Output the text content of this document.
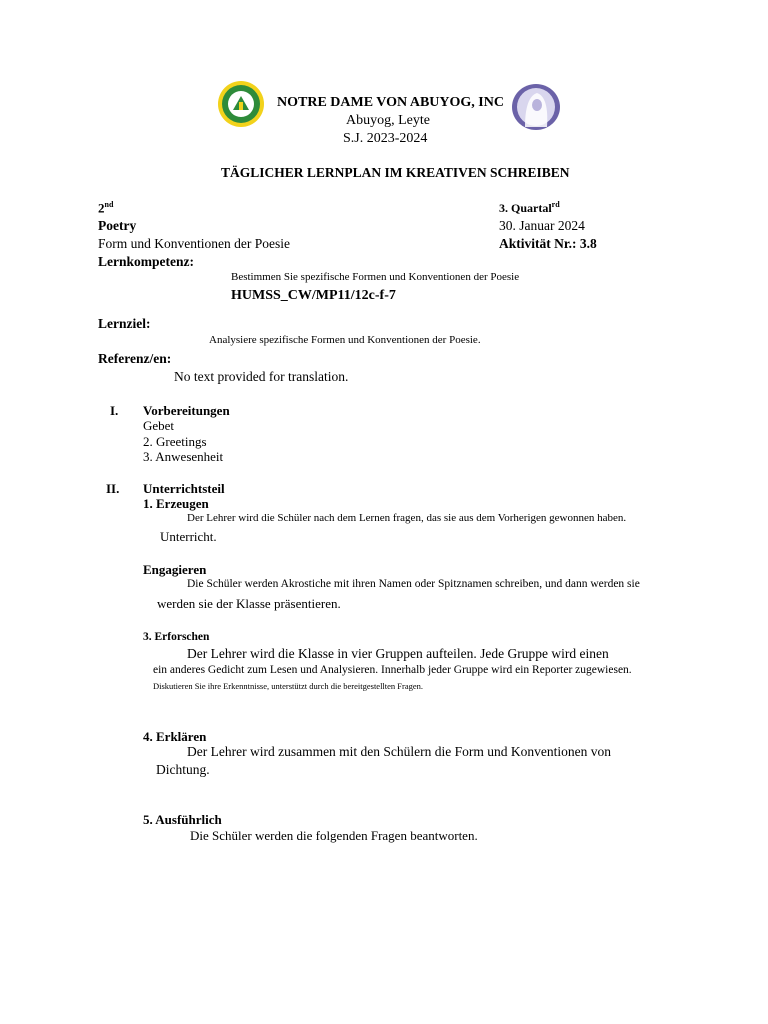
NOTRE DAME VON ABUYOG, INC
Abuyog, Leyte
S.J. 2023-2024
TÄGLICHER LERNPLAN IM KREATIVEN SCHREIBEN
2nd	3. Quartal$^{rd}$
Poetry	30. Januar 2024
Form und Konventionen der Poesie	Aktivität Nr.: 3.8
Lernkompetenz:
Bestimmen Sie spezifische Formen und Konventionen der Poesie
HUMSS_CW/MP11/12c-f-7
Lernziel:
Analysiere spezifische Formen und Konventionen der Poesie.
Referenz/en:
No text provided for translation.
I. Vorbereitungen
Gebet
2. Greetings
3. Anwesenheit
II. Unterrichtsteil
1. Erzeugen
Der Lehrer wird die Schüler nach dem Lernen fragen, das sie aus dem Vorherigen gewonnen haben.
Unterricht.
Engagieren
Die Schüler werden Akrostiche mit ihren Namen oder Spitznamen schreiben, und dann werden sie
werden sie der Klasse präsentieren.
3. Erforschen
Der Lehrer wird die Klasse in vier Gruppen aufteilen. Jede Gruppe wird einen
ein anderes Gedicht zum Lesen und Analysieren. Innerhalb jeder Gruppe wird ein Reporter zugewiesen.
Diskutieren Sie ihre Erkenntnisse, unterstützt durch die bereitgestellten Fragen.
4. Erklären
Der Lehrer wird zusammen mit den Schülern die Form und Konventionen von
Dichtung.
5. Ausführlich
Die Schüler werden die folgenden Fragen beantworten.
